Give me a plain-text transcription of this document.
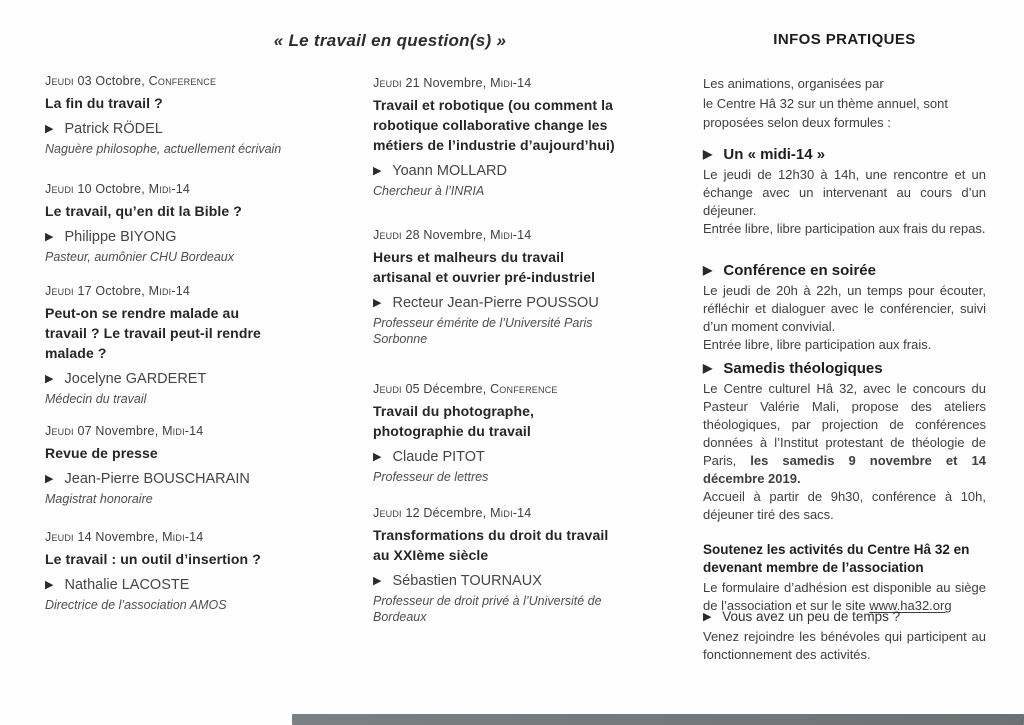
« Le travail en question(s) »	INFOS PRATIQUES
Jeudi 03 Octobre, Conference
La fin du travail ?
▶ Patrick RÖDEL
Naguère philosophe, actuellement écrivain
Jeudi 10 Octobre, Midi-14
Le travail, qu’en dit la Bible ?
▶ Philippe BIYONG
Pasteur, aumônier CHU Bordeaux
Jeudi 17 Octobre, Midi-14
Peut-on se rendre malade au travail ? Le travail peut-il rendre malade ?
▶ Jocelyne GARDERET
Médecin du travail
Jeudi 07 Novembre, Midi-14
Revue de presse
▶ Jean-Pierre BOUSCHARAIN
Magistrat honoraire
Jeudi 14 Novembre, Midi-14
Le travail : un outil d’insertion ?
▶ Nathalie LACOSTE
Directrice de l’association AMOS
Jeudi 21 Novembre, Midi-14
Travail et robotique (ou comment la robotique collaborative change les métiers de l’industrie d’aujourd’hui)
▶ Yoann MOLLARD
Chercheur à l’INRIA
Jeudi 28 Novembre, Midi-14
Heurs et malheurs du travail artisanal et ouvrier pré-industriel
▶ Recteur Jean-Pierre POUSSOU
Professeur émérite de l’Université Paris Sorbonne
Jeudi 05 Décembre, Conference
Travail du photographe, photographie du travail
▶ Claude PITOT
Professeur de lettres
Jeudi 12 Décembre, Midi-14
Transformations du droit du travail au XXIème siècle
▶ Sébastien TOURNAUX
Professeur de droit privé à l’Université de Bordeaux
Les animations, organisées par
le Centre Hâ 32 sur un thème annuel, sont
proposées selon deux formules :
▶ Un « midi-14 »

Le jeudi de 12h30 à 14h, une rencontre et un échange avec un intervenant au cours d’un déjeuner.

Entrée libre, libre participation aux frais du repas.

▶ Conférence en soirée

Le jeudi de 20h à 22h, un temps pour écouter, réfléchir et dialoguer avec le conférencier, suivi d’un moment convivial.

Entrée libre, libre participation aux frais.

▶ Samedis théologiques

Le Centre culturel Hâ 32, avec le concours du Pasteur Valérie Mali, propose des ateliers théologiques, par projection de conférences données à l’Institut protestant de théologie de Paris, les samedis 9 novembre et 14 décembre 2019.

Accueil à partir de 9h30, conférence à 10h, déjeuner tiré des sacs.

Soutenez les activités du Centre Hâ 32 en devenant membre de l’association

Le formulaire d’adhésion est disponible au siège de l’association et sur le site www.ha32.org

▶ Vous avez un peu de temps ?

Venez rejoindre les bénévoles qui participent au fonctionnement des activités.
